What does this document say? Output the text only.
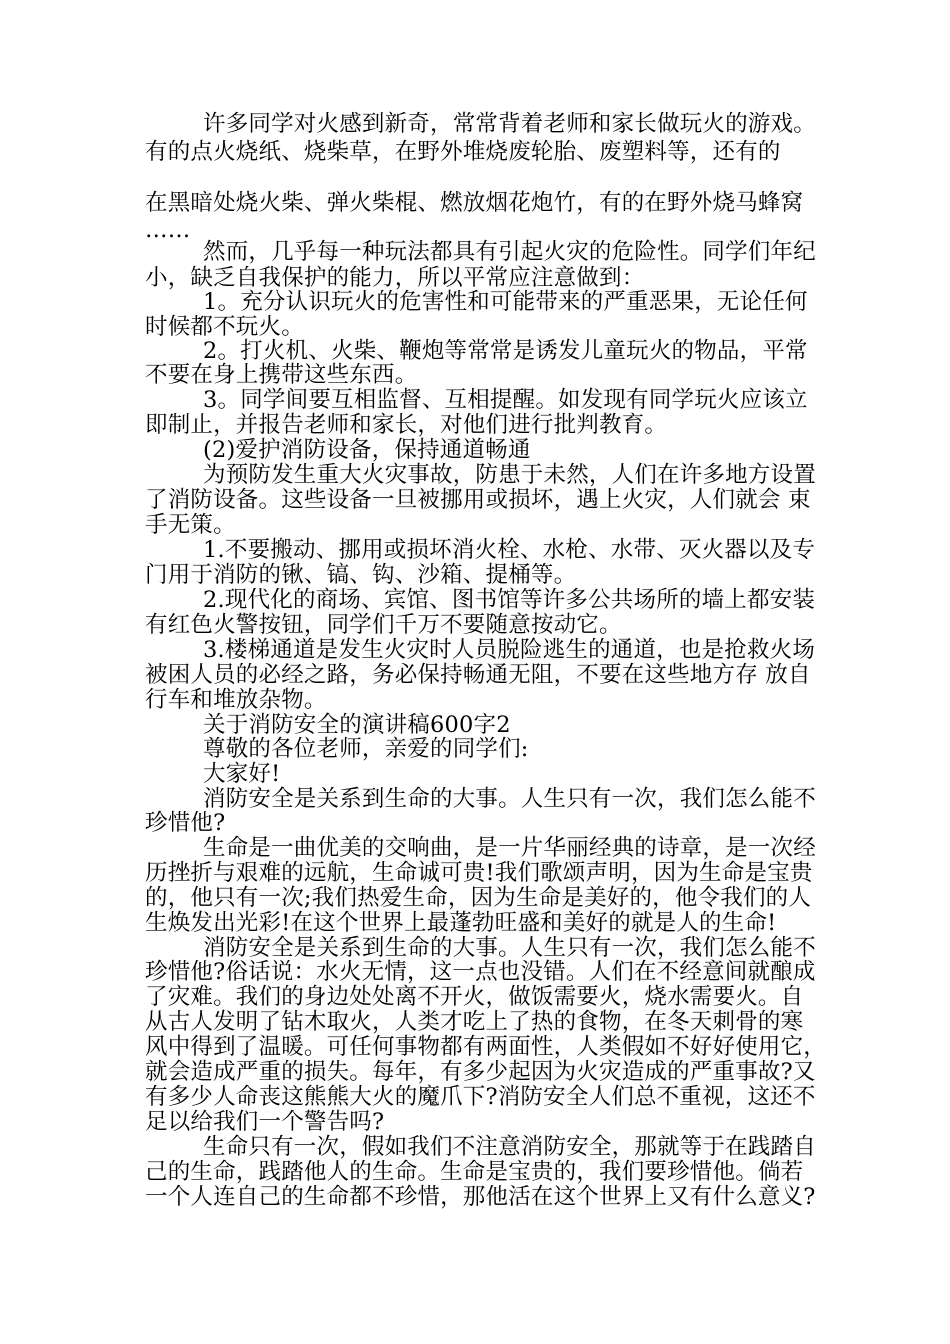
许多同学对火感到新奇，常常背着老师和家长做玩火的游戏。
有的点火烧纸、烧柴草，在野外堆烧废轮胎、废塑料等，还有的
在黑暗处烧火柴、弹火柴棍、燃放烟花炮竹，有的在野外烧马蜂窝
……
然而，几乎每一种玩法都具有引起火灾的危险性。同学们年纪
小，缺乏自我保护的能力，所以平常应注意做到：
1。充分认识玩火的危害性和可能带来的严重恶果，无论任何
时候都不玩火。
2。打火机、火柴、鞭炮等常常是诱发儿童玩火的物品，平常
不要在身上携带这些东西。
3。同学间要互相监督、互相提醒。如发现有同学玩火应该立
即制止，并报告老师和家长，对他们进行批判教育。
(2)爱护消防设备，保持通道畅通
为预防发生重大火灾事故，防患于未然，人们在许多地方设置
了消防设备。这些设备一旦被挪用或损坏，遇上火灾，人们就会 束
手无策。
1.不要搬动、挪用或损坏消火栓、水枪、水带、灭火器以及专
门用于消防的锹、镐、钩、沙箱、提桶等。
2.现代化的商场、宾馆、图书馆等许多公共场所的墙上都安装
有红色火警按钮，同学们千万不要随意按动它。
3.楼梯通道是发生火灾时人员脱险逃生的通道，也是抢救火场
被困人员的必经之路，务必保持畅通无阻，不要在这些地方存 放自
行车和堆放杂物。
关于消防安全的演讲稿600字2
尊敬的各位老师，亲爱的同学们:
大家好!
消防安全是关系到生命的大事。人生只有一次，我们怎么能不
珍惜他?
生命是一曲优美的交响曲，是一片华丽经典的诗章，是一次经
历挫折与艰难的远航，生命诚可贵!我们歌颂声明，因为生命是宝贵
的，他只有一次;我们热爱生命，因为生命是美好的，他令我们的人
生焕发出光彩!在这个世界上最蓬勃旺盛和美好的就是人的生命!
消防安全是关系到生命的大事。人生只有一次，我们怎么能不
珍惜他?俗话说：水火无情，这一点也没错。人们在不经意间就酿成
了灾难。我们的身边处处离不开火，做饭需要火，烧水需要火。自
从古人发明了钻木取火，人类才吃上了热的食物，在冬天刺骨的寒
风中得到了温暖。可任何事物都有两面性，人类假如不好好使用它，
就会造成严重的损失。每年，有多少起因为火灾造成的严重事故?又
有多少人命丧这熊熊大火的魔爪下?消防安全人们总不重视，这还不
足以给我们一个警告吗?
生命只有一次，假如我们不注意消防安全，那就等于在践踏自
己的生命，践踏他人的生命。生命是宝贵的，我们要珍惜他。倘若
一个人连自己的生命都不珍惜，那他活在这个世界上又有什么意义?
